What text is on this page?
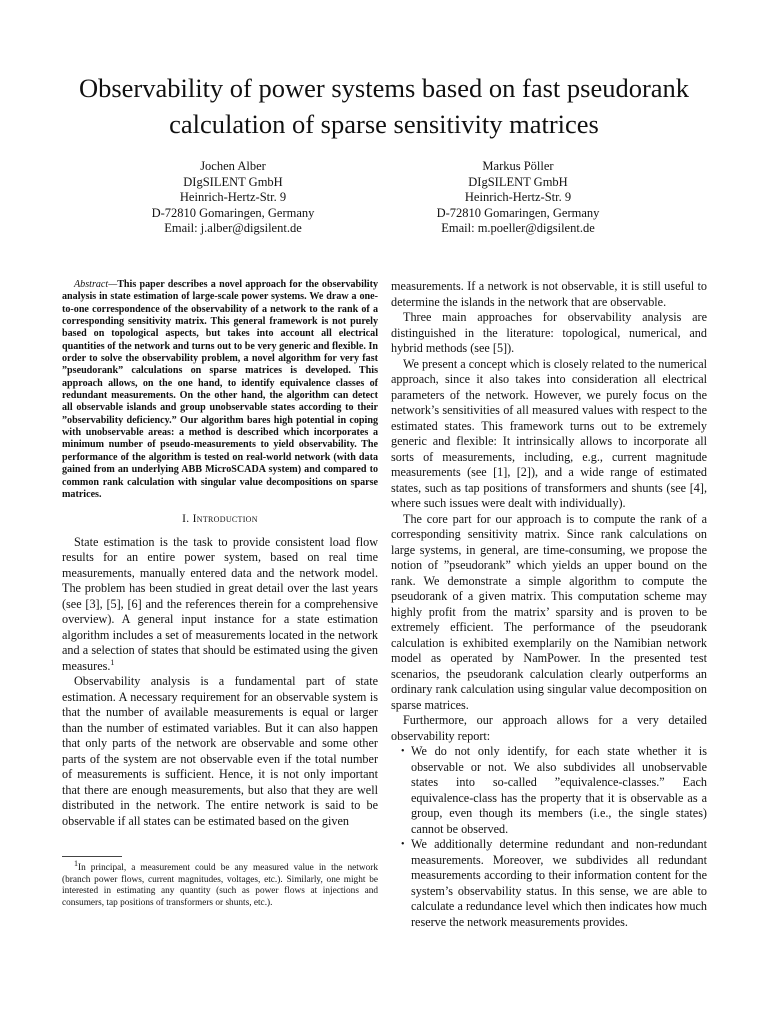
Observability of power systems based on fast pseudorank calculation of sparse sensitivity matrices
Jochen Alber
DIgSILENT GmbH
Heinrich-Hertz-Str. 9
D-72810 Gomaringen, Germany
Email: j.alber@digsilent.de
Markus Pöller
DIgSILENT GmbH
Heinrich-Hertz-Str. 9
D-72810 Gomaringen, Germany
Email: m.poeller@digsilent.de

Abstract—This paper describes a novel approach for the observability analysis in state estimation of large-scale power systems. We draw a one-to-one correspondence of the observability of a network to the rank of a corresponding sensitivity matrix. This general framework is not purely based on topological aspects, but takes into account all electrical quantities of the network and turns out to be very generic and flexible. In order to solve the observability problem, a novel algorithm for very fast ”pseudorank” calculations on sparse matrices is developed. This approach allows, on the one hand, to identify equivalence classes of redundant measurements. On the other hand, the algorithm can detect all observable islands and group unobservable states according to their ”observability deficiency.” Our algorithm bares high potential in coping with unobservable areas: a method is described which incorporates a minimum number of pseudo-measurements to yield observability. The performance of the algorithm is tested on real-world network (with data gained from an underlying ABB MicroSCADA system) and compared to common rank calculation with singular value decompositions on sparse matrices.

I. Introduction

State estimation is the task to provide consistent load flow results for an entire power system, based on real time measurements, manually entered data and the network model. The problem has been studied in great detail over the last years (see [3], [5], [6] and the references therein for a comprehensive overview). A general input instance for a state estimation algorithm includes a set of measurements located in the network and a selection of states that should be estimated using the given measures.$^1$

Observability analysis is a fundamental part of state estimation. A necessary requirement for an observable system is that the number of available measurements is equal or larger than the number of estimated variables. But it can also happen that only parts of the network are observable and some other parts of the system are not observable even if the total number of measurements is sufficient. Hence, it is not only important that there are enough measurements, but also that they are well distributed in the network. The entire network is said to be observable if all states can be estimated based on the given

1In principal, a measurement could be any measured value in the network (branch power flows, current magnitudes, voltages, etc.). Similarly, one might be interested in estimating any quantity (such as power flows at injections and consumers, tap positions of transformers or shunts, etc.).

measurements. If a network is not observable, it is still useful to determine the islands in the network that are observable.

Three main approaches for observability analysis are distinguished in the literature: topological, numerical, and hybrid methods (see [5]).

We present a concept which is closely related to the numerical approach, since it also takes into consideration all electrical parameters of the network. However, we purely focus on the network’s sensitivities of all measured values with respect to the estimated states. This framework turns out to be extremely generic and flexible: It intrinsically allows to incorporate all sorts of measurements, including, e.g., current magnitude measurements (see [1], [2]), and a wide range of estimated states, such as tap positions of transformers and shunts (see [4], where such issues were dealt with individually).

The core part for our approach is to compute the rank of a corresponding sensitivity matrix. Since rank calculations on large systems, in general, are time-consuming, we propose the notion of ”pseudorank” which yields an upper bound on the rank. We demonstrate a simple algorithm to compute the pseudorank of a given matrix. This computation scheme may highly profit from the matrix’ sparsity and is proven to be extremely efficient. The performance of the pseudorank calculation is exhibited exemplarily on the Namibian network model as operated by NamPower. In the presented test scenarios, the pseudorank calculation clearly outperforms an ordinary rank calculation using singular value decomposition on sparse matrices.

Furthermore, our approach allows for a very detailed observability report:

• We do not only identify, for each state whether it is observable or not. We also subdivides all unobservable states into so-called ”equivalence-classes.” Each equivalence-class has the property that it is observable as a group, even though its members (i.e., the single states) cannot be observed.
• We additionally determine redundant and non-redundant measurements. Moreover, we subdivides all redundant measurements according to their information content for the system’s observability status. In this sense, we are able to calculate a redundance level which then indicates how much reserve the network measurements provides.
